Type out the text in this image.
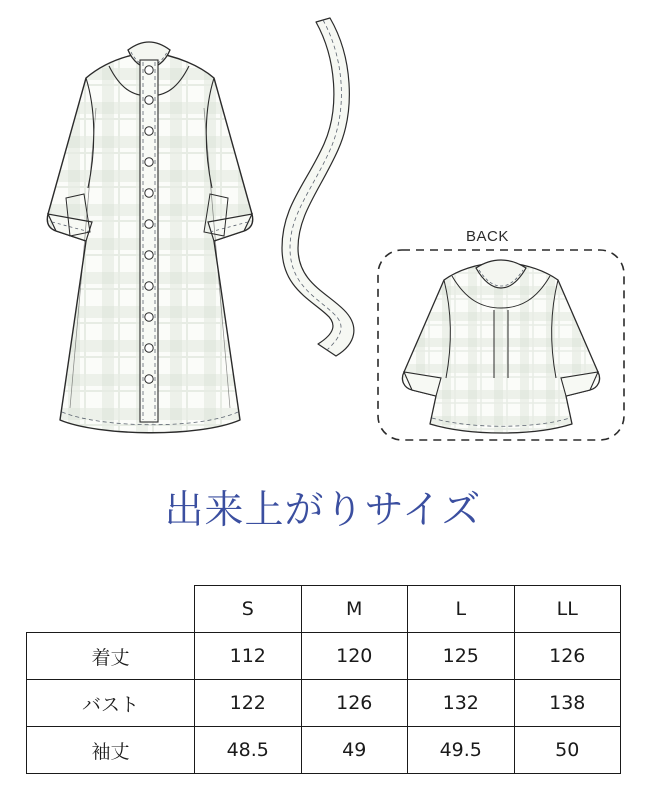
BACK
出来上がりサイズ
	S	M	L	LL
着丈	112	120	125	126
バスト	122	126	132	138
袖丈	48.5	49	49.5	50
